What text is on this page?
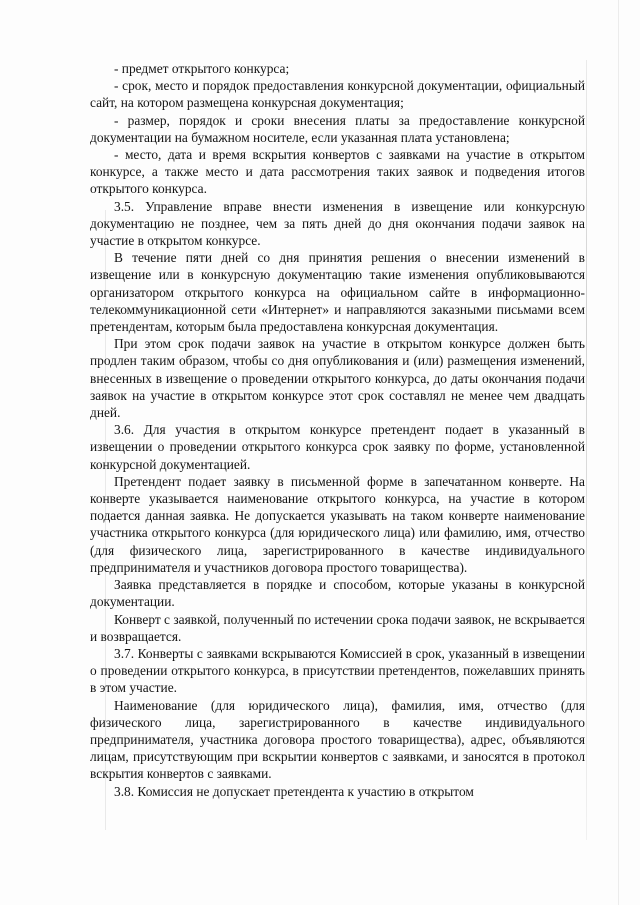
- предмет открытого конкурса;

- срок, место и порядок предоставления конкурсной документации, официальный сайт, на котором размещена конкурсная документация;

- размер, порядок и сроки внесения платы за предоставление конкурсной документации на бумажном носителе, если указанная плата установлена;

- место, дата и время вскрытия конвертов с заявками на участие в открытом конкурсе, а также место и дата рассмотрения таких заявок и подведения итогов открытого конкурса.

3.5. Управление вправе внести изменения в извещение или конкурсную документацию не позднее, чем за пять дней до дня окончания подачи заявок на участие в открытом конкурсе.

В течение пяти дней со дня принятия решения о внесении изменений в извещение или в конкурсную документацию такие изменения опубликовываются организатором открытого конкурса на официальном сайте в информационно-телекоммуникационной сети «Интернет» и направляются заказными письмами всем претендентам, которым была предоставлена конкурсная документация.

При этом срок подачи заявок на участие в открытом конкурсе должен быть продлен таким образом, чтобы со дня опубликования и (или) размещения изменений, внесенных в извещение о проведении открытого конкурса, до даты окончания подачи заявок на участие в открытом конкурсе этот срок составлял не менее чем двадцать дней.

3.6. Для участия в открытом конкурсе претендент подает в указанный в извещении о проведении открытого конкурса срок заявку по форме, установленной конкурсной документацией.

Претендент подает заявку в письменной форме в запечатанном конверте. На конверте указывается наименование открытого конкурса, на участие в котором подается данная заявка. Не допускается указывать на таком конверте наименование участника открытого конкурса (для юридического лица) или фамилию, имя, отчество (для физического лица, зарегистрированного в качестве индивидуального предпринимателя и участников договора простого товарищества).

Заявка представляется в порядке и способом, которые указаны в конкурсной документации.

Конверт с заявкой, полученный по истечении срока подачи заявок, не вскрывается и возвращается.

3.7. Конверты с заявками вскрываются Комиссией в срок, указанный в извещении о проведении открытого конкурса, в присутствии претендентов, пожелавших принять в этом участие.

Наименование (для юридического лица), фамилия, имя, отчество (для физического лица, зарегистрированного в качестве индивидуального предпринимателя, участника договора простого товарищества), адрес, объявляются лицам, присутствующим при вскрытии конвертов с заявками, и заносятся в протокол вскрытия конвертов с заявками.

3.8. Комиссия не допускает претендента к участию в открытом
